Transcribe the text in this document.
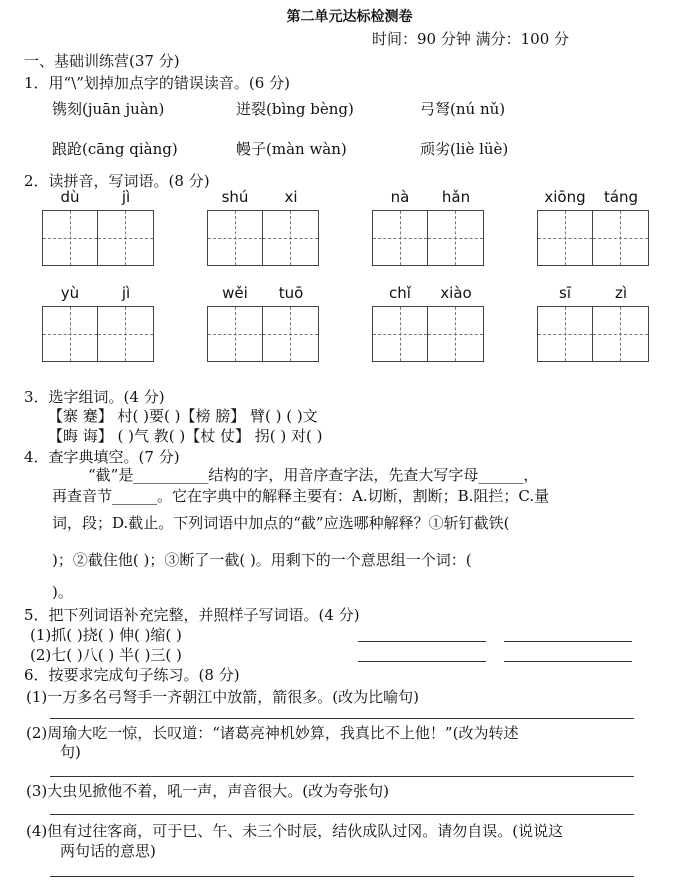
第二单元达标检测卷
时间：90 分钟 满分：100 分
一、基础训练营(37 分)
1．用“\”划掉加点字的错误读音。(6 分)
镌刻(juān juàn)	迸裂(bìng bèng)	弓弩(nú nǔ)
踉跄(cāng qiàng)	幔子(màn wàn)	顽劣(liè lüè)
2．读拼音，写词语。(8 分)
dù	jì	shú	xi	nà	hǎn	xiōng	táng
yù	jì	wěi	tuō	chǐ	xiào	sī	zì
3．选字组词。(4 分)
【寨 蹇】 村( )要( )【榜 膀】 臂( ) ( )文
【晦 诲】 ( )气 教( )【杖 仗】 拐( ) 对( )
4．查字典填空。(7 分)
“截”是__________结构的字，用音序查字法，先查大写字母______，
再查音节______。它在字典中的解释主要有：A.切断，割断；B.阻拦；C.量
词，段；D.截止。下列词语中加点的“截”应选哪种解释？①斩钉截铁(
)；②截住他( )；③断了一截( )。用剩下的一个意思组一个词：(
)。
5．把下列词语补充完整，并照样子写词语。(4 分)
(1)抓( )挠( ) 伸( )缩( )
(2)七( )八( ) 半( )三( )
6．按要求完成句子练习。(8 分)
(1)一万多名弓弩手一齐朝江中放箭，箭很多。(改为比喻句)
(2)周瑜大吃一惊，长叹道：“诸葛亮神机妙算，我真比不上他！”(改为转述
句)
(3)大虫见掀他不着，吼一声，声音很大。(改为夸张句)
(4)但有过往客商，可于巳、午、未三个时辰，结伙成队过冈。请勿自误。(说说这
两句话的意思)
